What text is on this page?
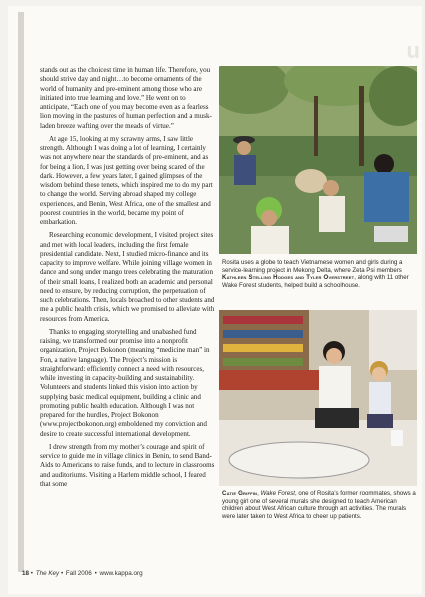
u

stands out as the choicest time in human life. Therefore, you should strive day and night…to become ornaments of the world of humanity and pre-eminent among those who are initiated into true learning and love.” He went on to anticipate, “Each one of you may become even as a fearless lion moving in the pastures of human perfection and a musk-laden breeze wafting over the meads of virtue.”

At age 15, looking at my scrawny arms, I saw little strength. Although I was doing a lot of learning, I certainly was not anywhere near the standards of pre-eminent, and as for being a lion, I was just getting over being scared of the dark. However, a few years later, I gained glimpses of the wisdom behind these tenets, which inspired me to do my part to change the world. Serving abroad shaped my college experiences, and Benin, West Africa, one of the smallest and poorest countries in the world, became my point of embarkation.

Researching economic development, I visited project sites and met with local leaders, including the first female presidential candidate. Next, I studied micro-finance and its capacity to improve welfare. While joining village women in dance and song under mango trees celebrating the maturation of their small loans, I realized both an academic and personal need to ensure, by reducing corruption, the perpetuation of such celebrations. Then, locals broached to other students and me a public health crisis, which we promised to alleviate with resources from America.

Thanks to engaging storytelling and unabashed fund raising, we transformed our promise into a nonprofit organization, Project Bokonon (meaning “medicine man” in Fon, a native language). The Project’s mission is straightforward: efficiently connect a need with resources, while investing in capacity-building and sustainability. Volunteers and students linked this vision into action by supplying basic medical equipment, building a clinic and promoting public health education. Although I was not prepared for the hurdles, Project Bokonon (www.projectbokonon.org) emboldened my conviction and desire to create successful international development.

I drew strength from my mother’s courage and spirit of service to guide me in village clinics in Benin, to send Band-Aids to Americans to raise funds, and to lecture in classrooms and auditoriums. Visiting a Harlem middle school, I feared that some

Rosita uses a globe to teach Vietnamese women and girls during a service-learning project in Mekong Delta, where Zeta Psi members Kathleen Stelling Hodges and Tyler Overstreet, along with 11 other Wake Forest students, helped build a schoolhouse.
Catie Griffin, Wake Forest, one of Rosita’s former roommates, shows a young girl one of several murals she designed to teach American children about West African culture through art activities. The murals were later taken to West Africa to cheer up patients.
18 • The Key • Fall 2006 • www.kappa.org
